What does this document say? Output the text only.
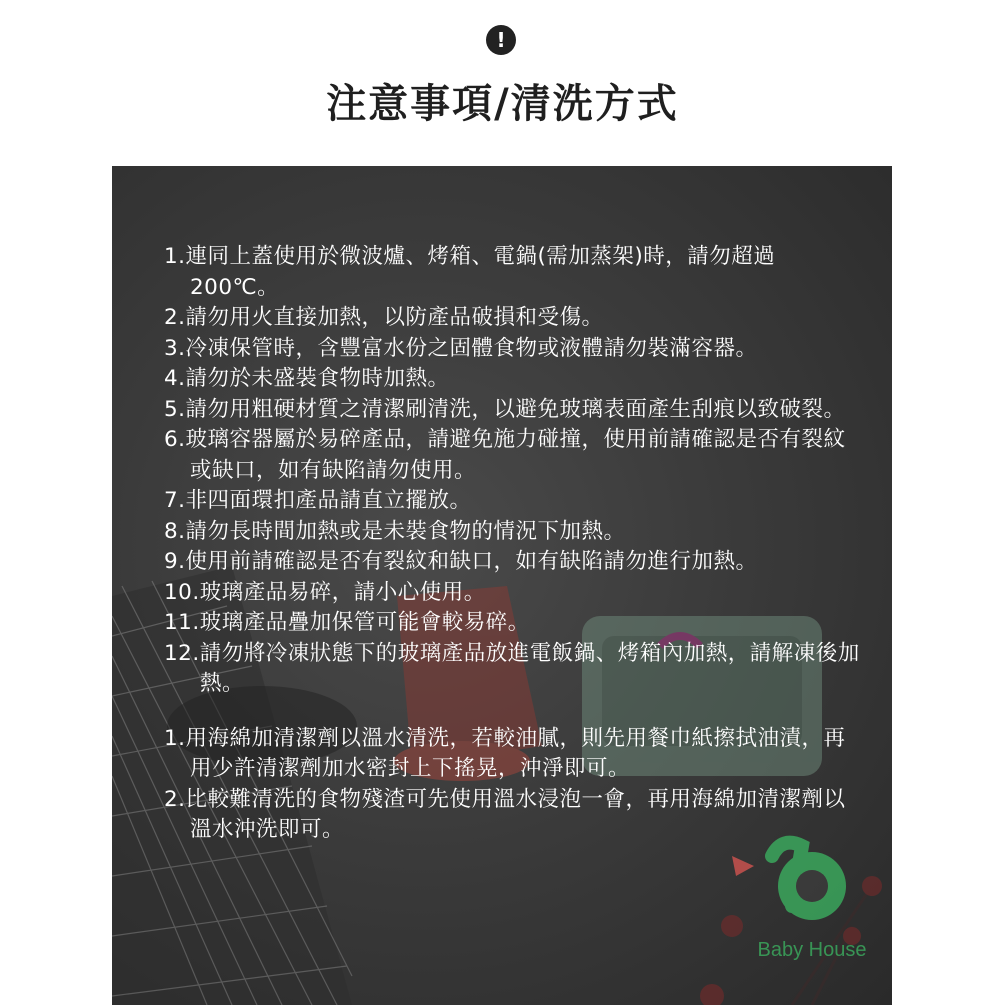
!
注意事項/清洗方式
Baby House

1.連同上蓋使用於微波爐、烤箱、電鍋(需加蒸架)時，請勿超過200℃。

2.請勿用火直接加熱，以防產品破損和受傷。

3.冷凍保管時，含豐富水份之固體食物或液體請勿裝滿容器。

4.請勿於未盛裝食物時加熱。

5.請勿用粗硬材質之清潔刷清洗，以避免玻璃表面產生刮痕以致破裂。

6.玻璃容器屬於易碎產品，請避免施力碰撞，使用前請確認是否有裂紋或缺口，如有缺陷請勿使用。

7.非四面環扣產品請直立擺放。

8.請勿長時間加熱或是未裝食物的情況下加熱。

9.使用前請確認是否有裂紋和缺口，如有缺陷請勿進行加熱。

10.玻璃產品易碎，請小心使用。

11.玻璃產品疊加保管可能會較易碎。

12.請勿將冷凍狀態下的玻璃產品放進電飯鍋、烤箱內加熱，請解凍後加熱。

1.用海綿加清潔劑以溫水清洗，若較油膩，則先用餐巾紙擦拭油漬，再用少許清潔劑加水密封上下搖晃，沖淨即可。

2.比較難清洗的食物殘渣可先使用溫水浸泡一會，再用海綿加清潔劑以溫水沖洗即可。
